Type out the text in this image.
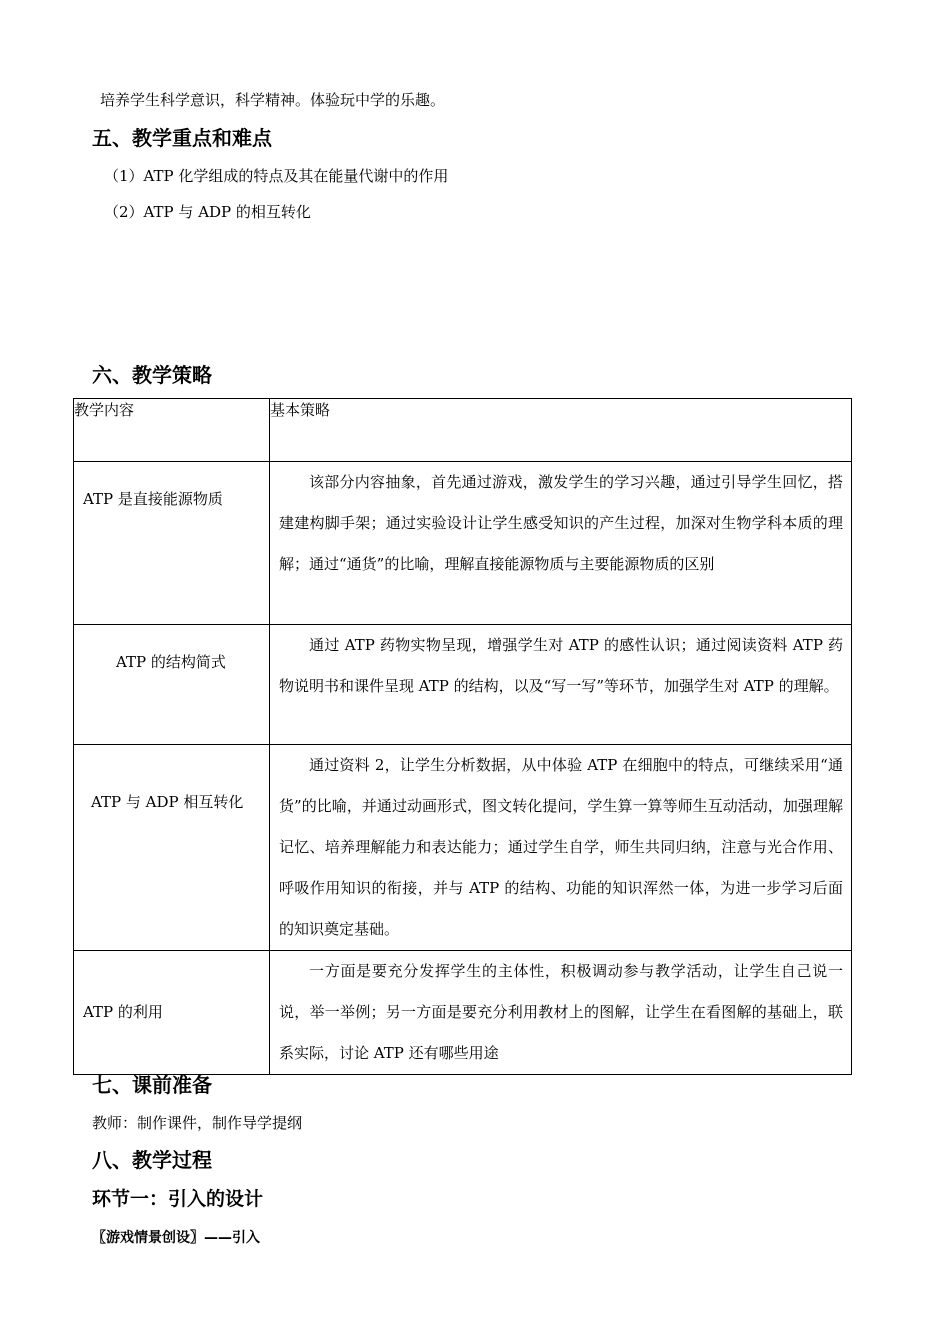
培养学生科学意识，科学精神。体验玩中学的乐趣。
五、教学重点和难点
（1）ATP 化学组成的特点及其在能量代谢中的作用
（2）ATP 与 ADP 的相互转化
六、教学策略
教学内容	基本策略

ATP 是直接能源物质	该部分内容抽象，首先通过游戏，激发学生的学习兴趣，通过引导学生回忆，搭建建构脚手架；通过实验设计让学生感受知识的产生过程，加深对生物学科本质的理解；通过“通货”的比喻，理解直接能源物质与主要能源物质的区别

ATP 的结构简式	通过 ATP 药物实物呈现，增强学生对 ATP 的感性认识；通过阅读资料 ATP 药物说明书和课件呈现 ATP 的结构，以及“写一写”等环节，加强学生对 ATP 的理解。

ATP 与 ADP 相互转化	通过资料 2，让学生分析数据，从中体验 ATP 在细胞中的特点，可继续采用“通货”的比喻，并通过动画形式，图文转化提问，学生算一算等师生互动活动，加强理解记忆、培养理解能力和表达能力；通过学生自学，师生共同归纳，注意与光合作用、呼吸作用知识的衔接，并与 ATP 的结构、功能的知识浑然一体，为进一步学习后面的知识奠定基础。

ATP 的利用	一方面是要充分发挥学生的主体性，积极调动参与教学活动，让学生自己说一说，举一举例；另一方面是要充分利用教材上的图解，让学生在看图解的基础上，联系实际，讨论 ATP 还有哪些用途
七、课前准备
教师：制作课件，制作导学提纲
八、教学过程
环节一：引入的设计
〖游戏情景创设〗——引入
